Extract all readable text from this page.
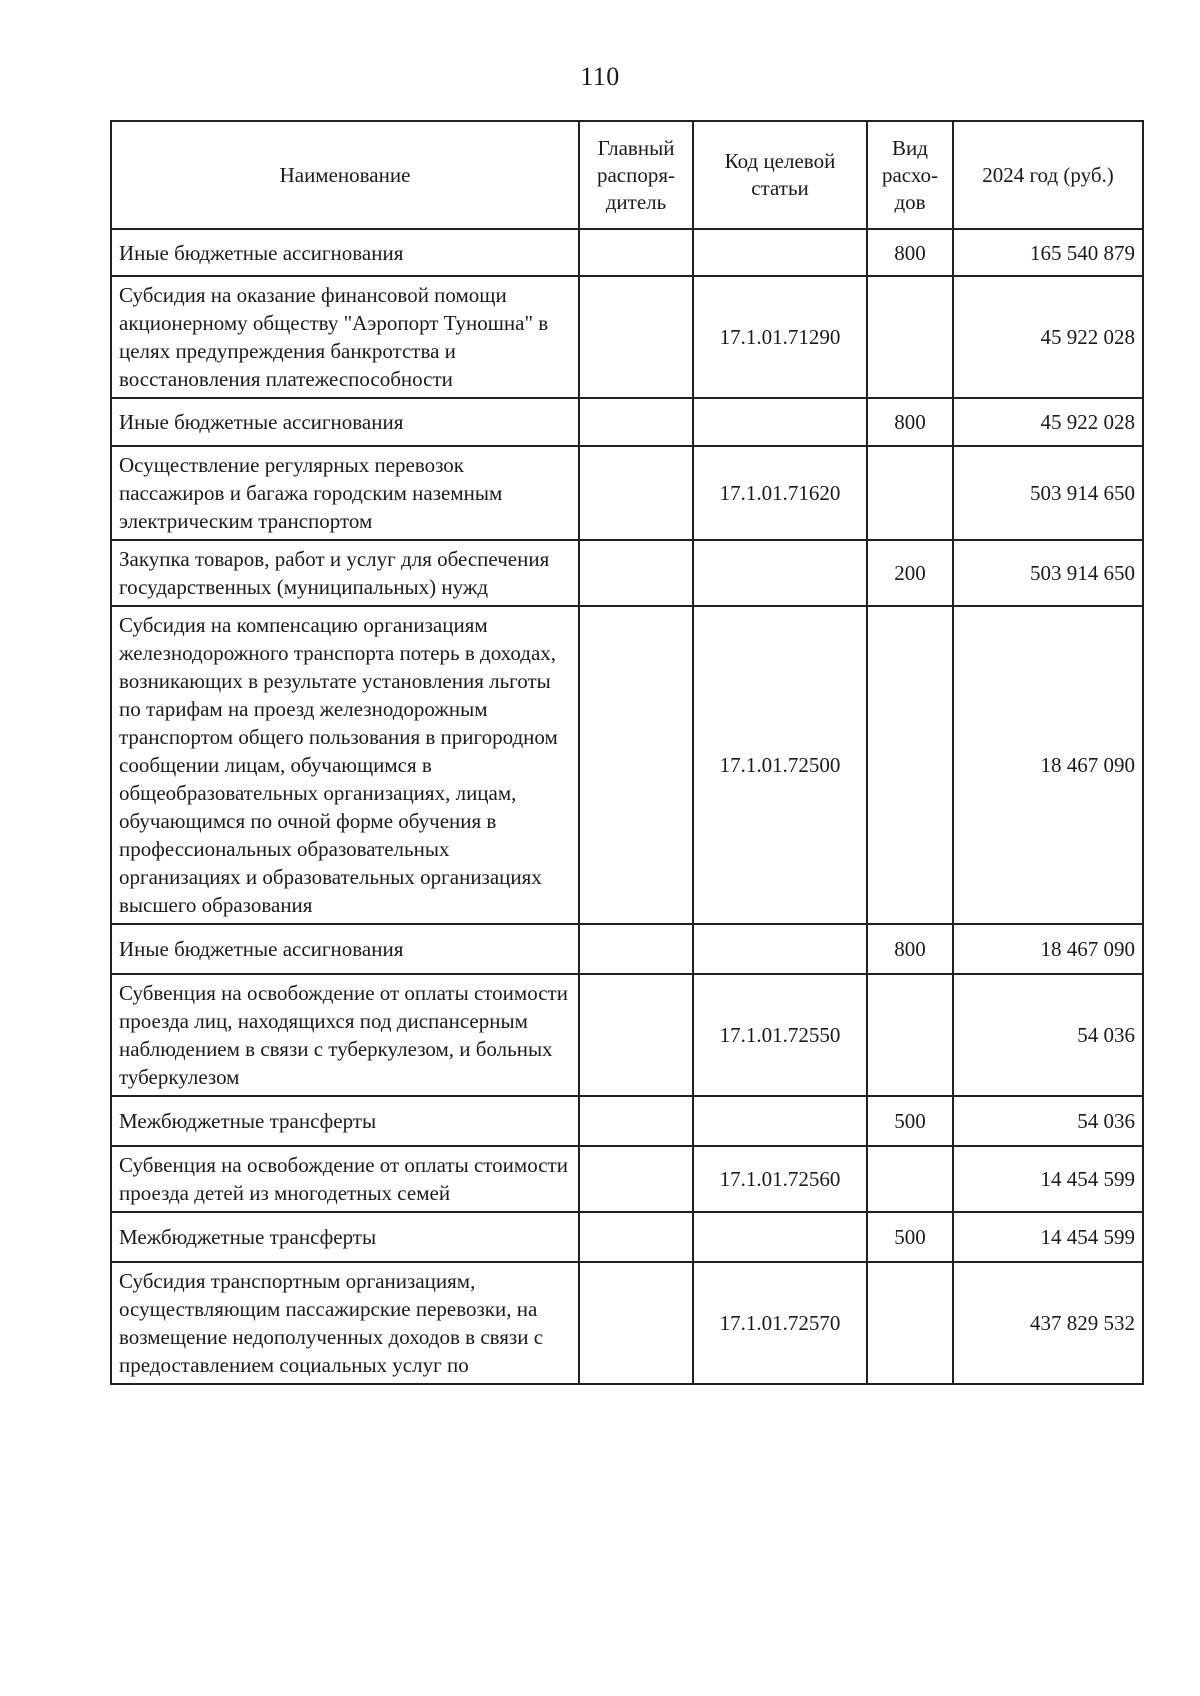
110
Наименование	Главный распоря-дитель	Код целевой статьи	Вид расхо-дов	2024 год (руб.)
Иные бюджетные ассигнования			800	165 540 879
Субсидия на оказание финансовой помощи акционерному обществу "Аэропорт Туношна" в целях предупреждения банкротства и восстановления платежеспособности		17.1.01.71290		45 922 028
Иные бюджетные ассигнования			800	45 922 028
Осуществление регулярных перевозок пассажиров и багажа городским наземным электрическим транспортом		17.1.01.71620		503 914 650
Закупка товаров, работ и услуг для обеспечения государственных (муниципальных) нужд			200	503 914 650
Субсидия на компенсацию организациям железнодорожного транспорта потерь в доходах, возникающих в результате установления льготы по тарифам на проезд железнодорожным транспортом общего пользования в пригородном сообщении лицам, обучающимся в общеобразовательных организациях, лицам, обучающимся по очной форме обучения в профессиональных образовательных организациях и образовательных организациях высшего образования		17.1.01.72500		18 467 090
Иные бюджетные ассигнования			800	18 467 090
Субвенция на освобождение от оплаты стоимости проезда лиц, находящихся под диспансерным наблюдением в связи с туберкулезом, и больных туберкулезом		17.1.01.72550		54 036
Межбюджетные трансферты			500	54 036
Субвенция на освобождение от оплаты стоимости проезда детей из многодетных семей		17.1.01.72560		14 454 599
Межбюджетные трансферты			500	14 454 599
Субсидия транспортным организациям, осуществляющим пассажирские перевозки, на возмещение недополученных доходов в связи с предоставлением социальных услуг по		17.1.01.72570		437 829 532
